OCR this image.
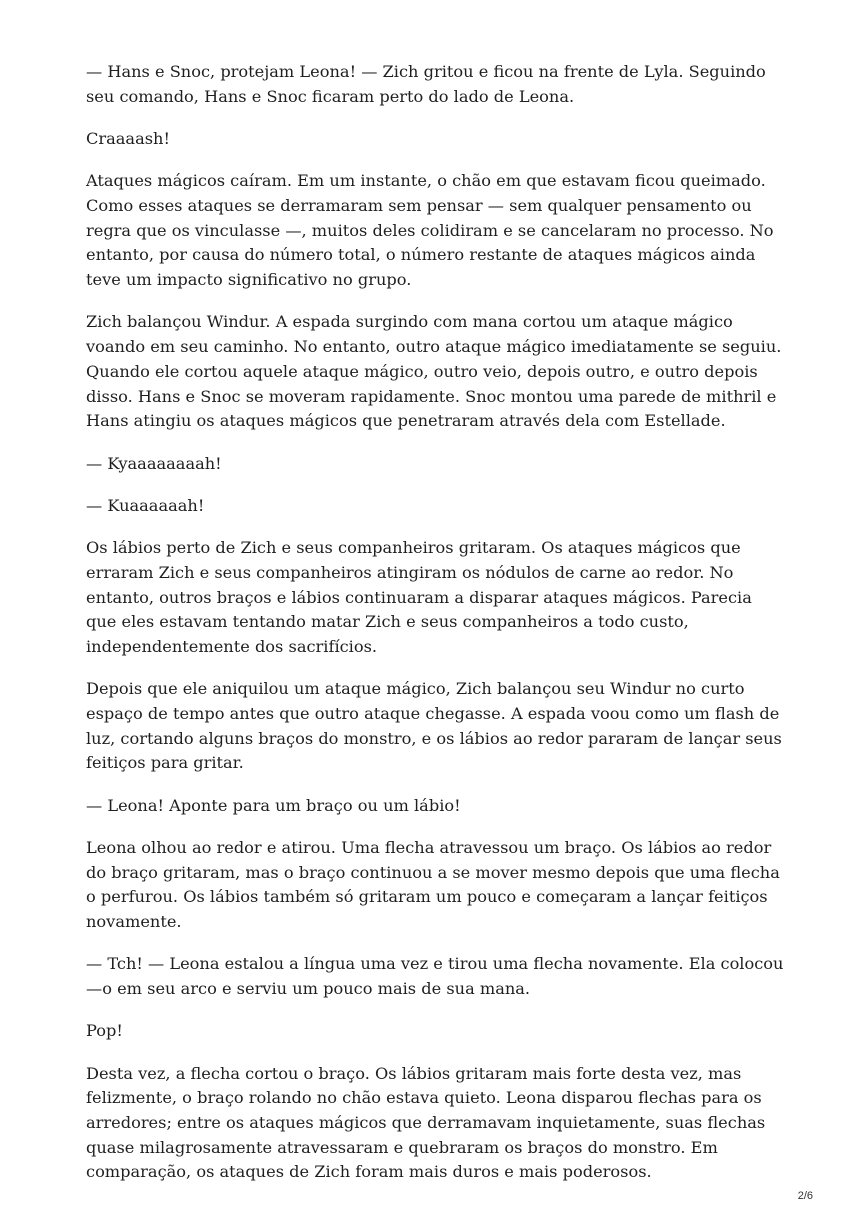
— Hans e Snoc, protejam Leona! — Zich gritou e ficou na frente de Lyla. Seguindo seu comando, Hans e Snoc ficaram perto do lado de Leona.

Craaaash!

Ataques mágicos caíram. Em um instante, o chão em que estavam ficou queimado. Como esses ataques se derramaram sem pensar — sem qualquer pensamento ou regra que os vinculasse —, muitos deles colidiram e se cancelaram no processo. No entanto, por causa do número total, o número restante de ataques mágicos ainda teve um impacto significativo no grupo.

Zich balançou Windur. A espada surgindo com mana cortou um ataque mágico voando em seu caminho. No entanto, outro ataque mágico imediatamente se seguiu. Quando ele cortou aquele ataque mágico, outro veio, depois outro, e outro depois disso. Hans e Snoc se moveram rapidamente. Snoc montou uma parede de mithril e Hans atingiu os ataques mágicos que penetraram através dela com Estellade.

— Kyaaaaaaaah!

— Kuaaaaaah!

Os lábios perto de Zich e seus companheiros gritaram. Os ataques mágicos que erraram Zich e seus companheiros atingiram os nódulos de carne ao redor. No entanto, outros braços e lábios continuaram a disparar ataques mágicos. Parecia que eles estavam tentando matar Zich e seus companheiros a todo custo, independentemente dos sacrifícios.

Depois que ele aniquilou um ataque mágico, Zich balançou seu Windur no curto espaço de tempo antes que outro ataque chegasse. A espada voou como um flash de luz, cortando alguns braços do monstro, e os lábios ao redor pararam de lançar seus feitiços para gritar.

— Leona! Aponte para um braço ou um lábio!

Leona olhou ao redor e atirou. Uma flecha atravessou um braço. Os lábios ao redor do braço gritaram, mas o braço continuou a se mover mesmo depois que uma flecha o perfurou. Os lábios também só gritaram um pouco e começaram a lançar feitiços novamente.

— Tch! — Leona estalou a língua uma vez e tirou uma flecha novamente. Ela colocou—o em seu arco e serviu um pouco mais de sua mana.

Pop!

Desta vez, a flecha cortou o braço. Os lábios gritaram mais forte desta vez, mas felizmente, o braço rolando no chão estava quieto. Leona disparou flechas para os arredores; entre os ataques mágicos que derramavam inquietamente, suas flechas quase milagrosamente atravessaram e quebraram os braços do monstro. Em comparação, os ataques de Zich foram mais duros e mais poderosos.

2/6
